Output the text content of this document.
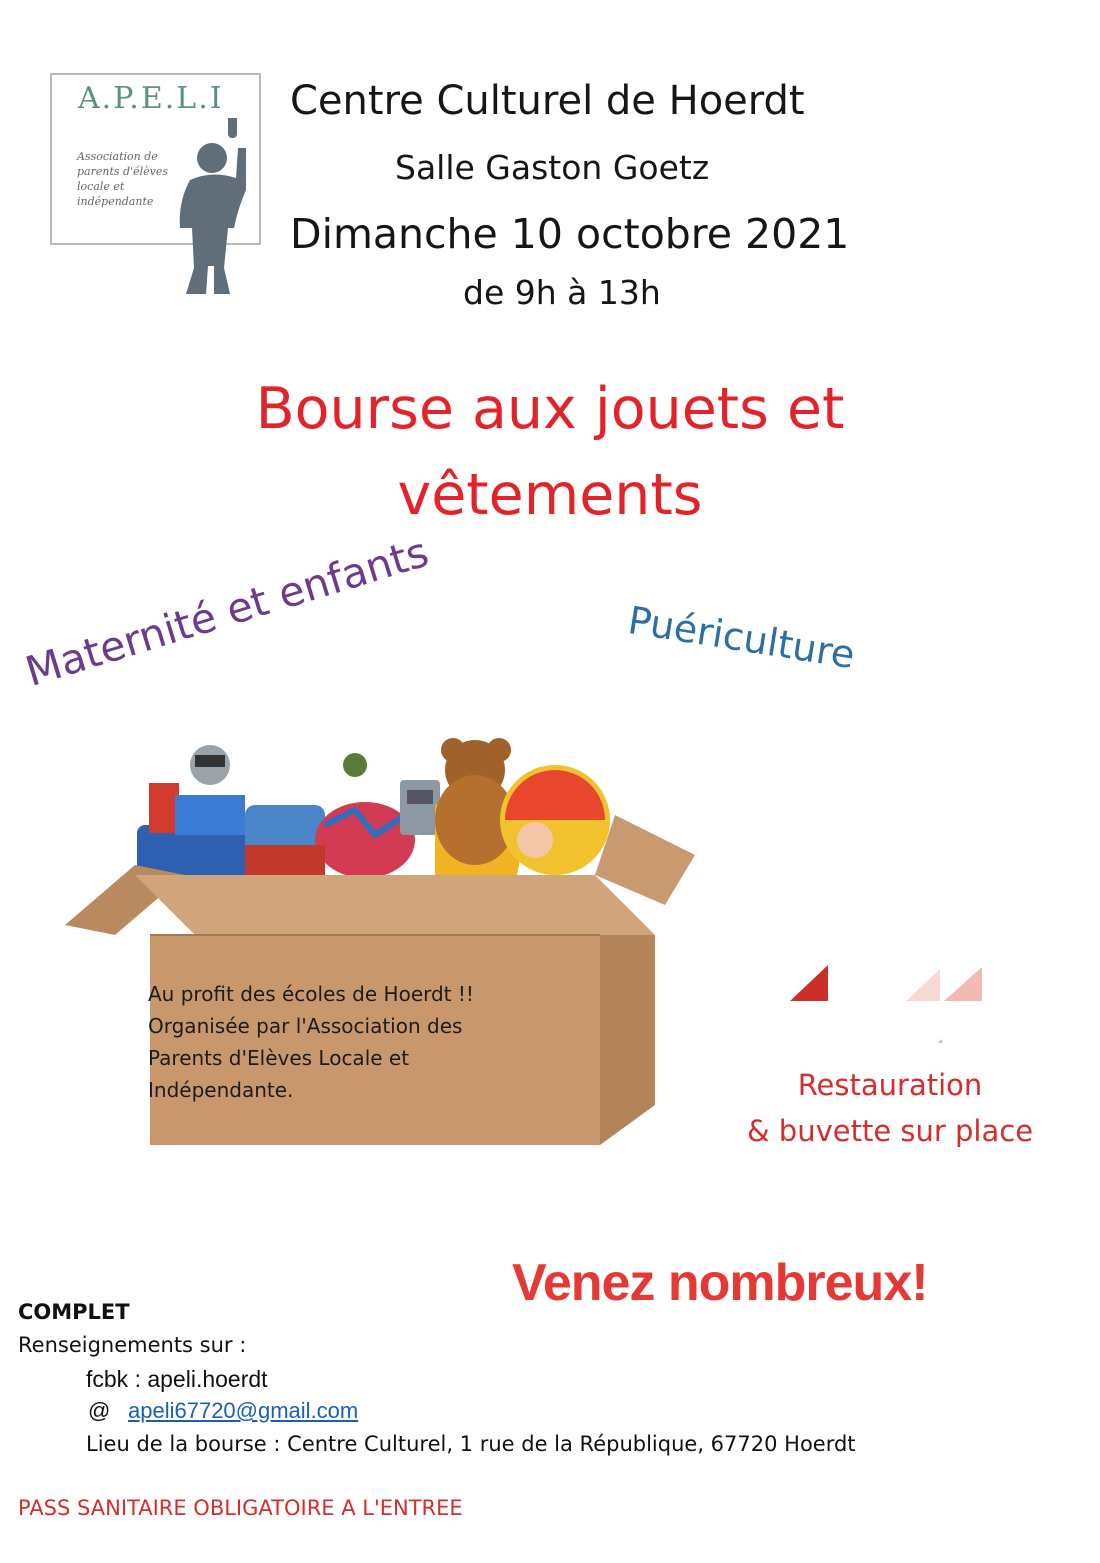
A.P.E.L.I
Association de parents d'élèves locale et indépendante
Centre Culturel de Hoerdt
Salle Gaston Goetz
Dimanche 10 octobre 2021
de 9h à 13h
Bourse aux jouets et
vêtements
Maternité et enfants	Puériculture
Au profit des écoles de Hoerdt !!
Organisée par l'Association des
Parents d'Elèves Locale et
Indépendante.	Restauration
& buvette sur place
Venez nombreux!
COMPLET
Renseignements sur :
fcbk : apeli.hoerdt
@ apeli67720@gmail.com
Lieu de la bourse : Centre Culturel, 1 rue de la République, 67720 Hoerdt
PASS SANITAIRE OBLIGATOIRE A L'ENTREE
